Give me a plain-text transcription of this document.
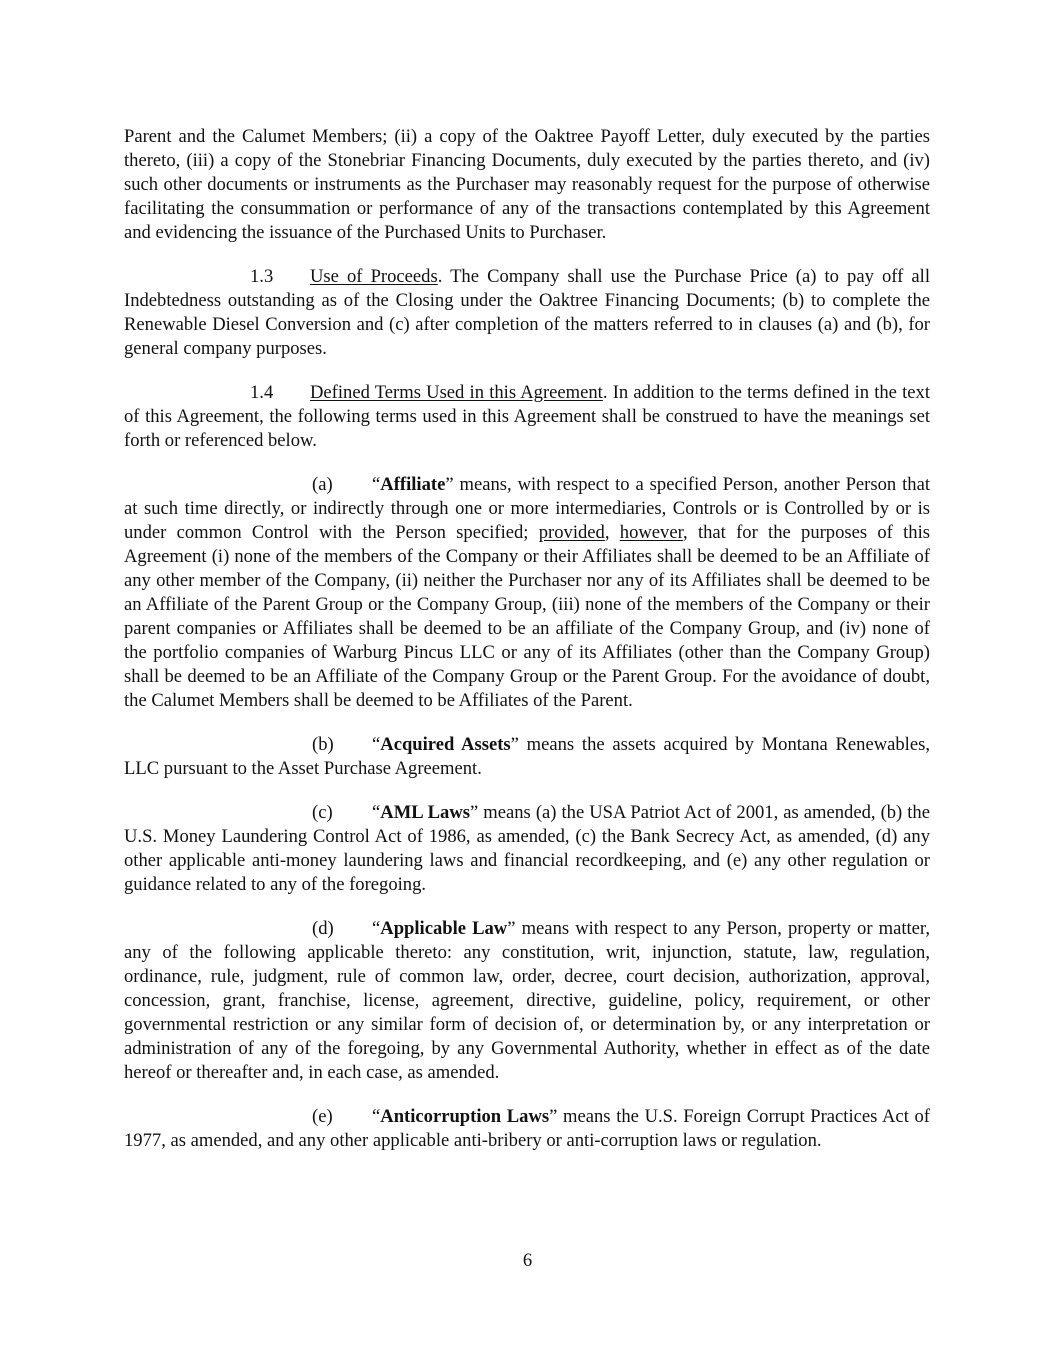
Parent and the Calumet Members; (ii) a copy of the Oaktree Payoff Letter, duly executed by the parties thereto, (iii) a copy of the Stonebriar Financing Documents, duly executed by the parties thereto, and (iv) such other documents or instruments as the Purchaser may reasonably request for the purpose of otherwise facilitating the consummation or performance of any of the transactions contemplated by this Agreement and evidencing the issuance of the Purchased Units to Purchaser.

1.3 Use of Proceeds. The Company shall use the Purchase Price (a) to pay off all Indebtedness outstanding as of the Closing under the Oaktree Financing Documents; (b) to complete the Renewable Diesel Conversion and (c) after completion of the matters referred to in clauses (a) and (b), for general company purposes.

1.4 Defined Terms Used in this Agreement. In addition to the terms defined in the text of this Agreement, the following terms used in this Agreement shall be construed to have the meanings set forth or referenced below.

(a) “Affiliate” means, with respect to a specified Person, another Person that at such time directly, or indirectly through one or more intermediaries, Controls or is Controlled by or is under common Control with the Person specified; provided, however, that for the purposes of this Agreement (i) none of the members of the Company or their Affiliates shall be deemed to be an Affiliate of any other member of the Company, (ii) neither the Purchaser nor any of its Affiliates shall be deemed to be an Affiliate of the Parent Group or the Company Group, (iii) none of the members of the Company or their parent companies or Affiliates shall be deemed to be an affiliate of the Company Group, and (iv) none of the portfolio companies of Warburg Pincus LLC or any of its Affiliates (other than the Company Group) shall be deemed to be an Affiliate of the Company Group or the Parent Group. For the avoidance of doubt, the Calumet Members shall be deemed to be Affiliates of the Parent.

(b) “Acquired Assets” means the assets acquired by Montana Renewables, LLC pursuant to the Asset Purchase Agreement.

(c) “AML Laws” means (a) the USA Patriot Act of 2001, as amended, (b) the U.S. Money Laundering Control Act of 1986, as amended, (c) the Bank Secrecy Act, as amended, (d) any other applicable anti-money laundering laws and financial recordkeeping, and (e) any other regulation or guidance related to any of the foregoing.

(d) “Applicable Law” means with respect to any Person, property or matter, any of the following applicable thereto: any constitution, writ, injunction, statute, law, regulation, ordinance, rule, judgment, rule of common law, order, decree, court decision, authorization, approval, concession, grant, franchise, license, agreement, directive, guideline, policy, requirement, or other governmental restriction or any similar form of decision of, or determination by, or any interpretation or administration of any of the foregoing, by any Governmental Authority, whether in effect as of the date hereof or thereafter and, in each case, as amended.

(e) “Anticorruption Laws” means the U.S. Foreign Corrupt Practices Act of 1977, as amended, and any other applicable anti-bribery or anti-corruption laws or regulation.

6
